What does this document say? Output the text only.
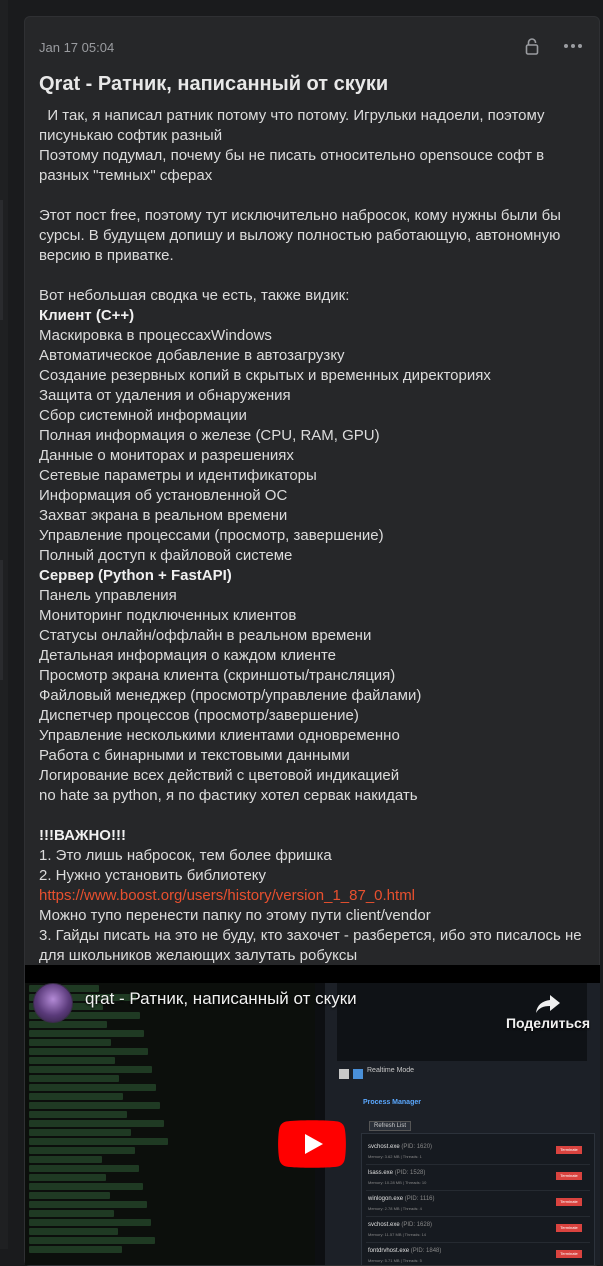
Jan 17 05:04
Qrat - Ратник, написанный от скуки
И так, я написал ратник потому что потому. Игрульки надоели, поэтому
писунькаю софтик разный
Поэтому подумал, почему бы не писать относительно opensouce софт в
разных "темных" сферах
Этот пост free, поэтому тут исключительно набросок, кому нужны были бы
сурсы. В будущем допишу и выложу полностью работающую, автономную
версию в приватке.
Вот небольшая сводка че есть, также видик:
Клиент (C++)
Маскировка в процессахWindows
Автоматическое добавление в автозагрузку
Создание резервных копий в скрытых и временных директориях
Защита от удаления и обнаружения
Сбор системной информации
Полная информация о железе (CPU, RAM, GPU)
Данные о мониторах и разрешениях
Сетевые параметры и идентификаторы
Информация об установленной ОС
Захват экрана в реальном времени
Управление процессами (просмотр, завершение)
Полный доступ к файловой системе
Сервер (Python + FastAPI)
Панель управления
Мониторинг подключенных клиентов
Статусы онлайн/оффлайн в реальном времени
Детальная информация о каждом клиенте
Просмотр экрана клиента (скриншоты/трансляция)
Файловый менеджер (просмотр/управление файлами)
Диспетчер процессов (просмотр/завершение)
Управление несколькими клиентами одновременно
Работа с бинарными и текстовыми данными
Логирование всех действий с цветовой индикацией
no hate за python, я по фастику хотел сервак накидать
!!!ВАЖНО!!!
1. Это лишь набросок, тем более фришка
2. Нужно установить библиотеку
https://www.boost.org/users/history/version_1_87_0.html
Можно тупо перенести папку по этому пути client/vendor
3. Гайды писать на это не буду, кто захочет - разберется, ибо это писалось не
для школьников желающих залутать робуксы
Realtime Mode
Process Manager
Refresh List
svchost.exe (PID: 1620)
Memory: 3.62 MB | Threads: 1
Terminate
lsass.exe (PID: 1528)
Memory: 10.28 MB | Threads: 10
Terminate
winlogon.exe (PID: 1116)
Memory: 2.78 MB | Threads: 4
Terminate
svchost.exe (PID: 1628)
Memory: 11.57 MB | Threads: 14
Terminate
fontdrvhost.exe (PID: 1848)
Memory: 5.71 MB | Threads: 5
Terminate
qrat - Ратник, написанный от скуки
Поделиться
